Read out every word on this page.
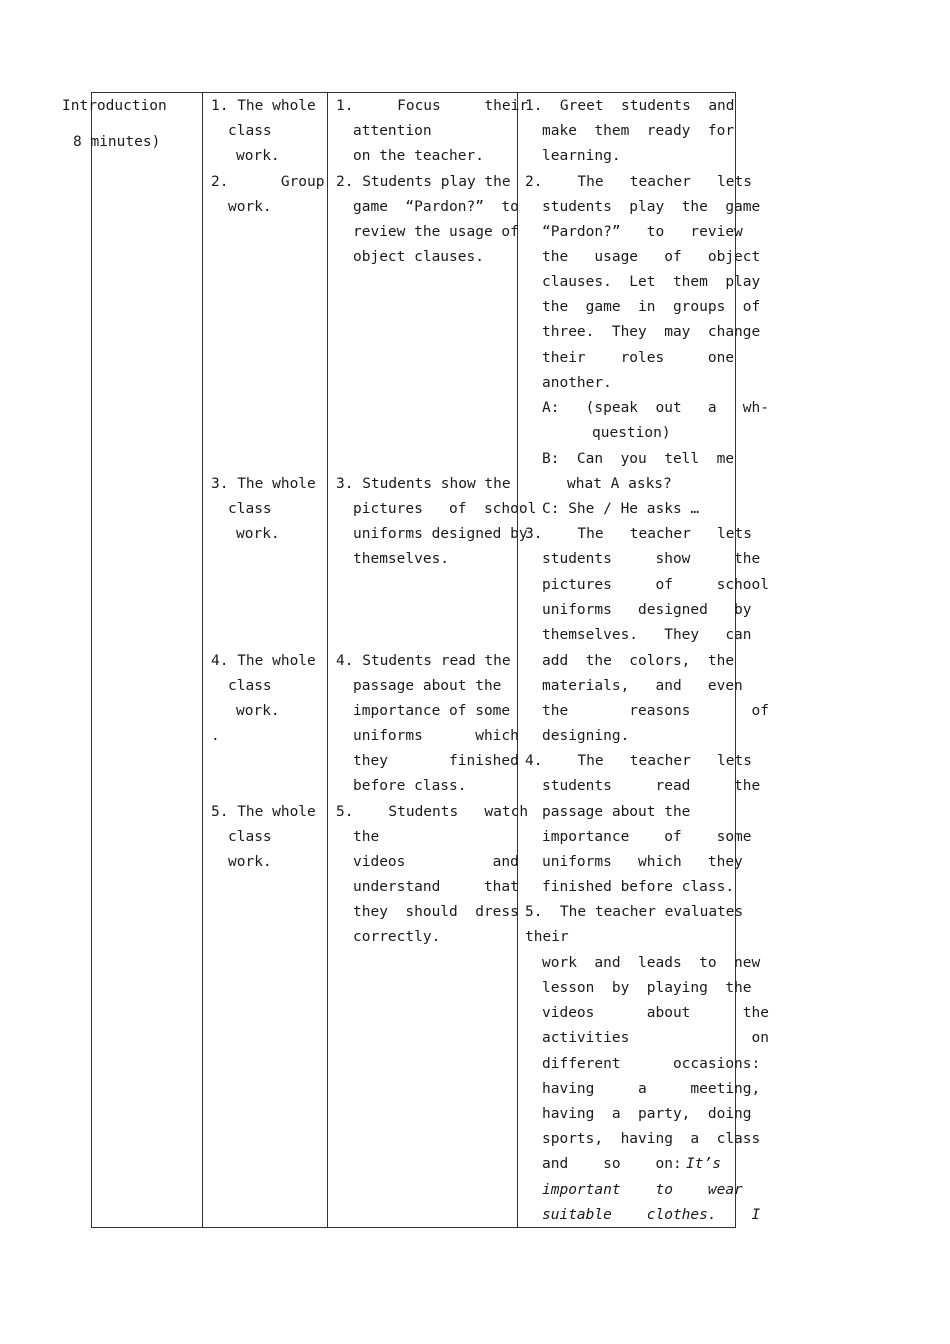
Introduction
8 minutes)
1. The whole
class
work.
2.      Group
work.
3. The whole
class
work.
4. The whole
class
work.
.
5. The whole
class
work.
1.     Focus     their
attention
on the teacher.
2. Students play the
game  “Pardon?”  to
review the usage of
object clauses.
3. Students show the
pictures   of  school
uniforms designed by
themselves.
4. Students read the
passage about the
importance of some
uniforms      which
they       finished
before class.
5.    Students   watch
the
videos          and
understand     that
they  should  dress
correctly.
1.  Greet  students  and
make  them  ready  for
learning.
2.    The   teacher   lets
students  play  the  game
“Pardon?”   to   review
the   usage   of   object
clauses.  Let  them  play
the  game  in  groups  of
three.  They  may  change
their    roles     one
another.
A:   (speak  out   a   wh-
question)
B:  Can  you  tell  me
what A asks?
C: She / He asks …
3.    The   teacher   lets
students     show     the
pictures     of     school
uniforms   designed   by
themselves.   They   can
add  the  colors,  the
materials,   and   even
the       reasons       of
designing.
4.    The   teacher   lets
students     read     the
passage about the
importance    of    some
uniforms   which   they
finished before class.
5.  The teacher evaluates
their
work  and  leads  to  new
lesson  by  playing  the
videos      about      the
activities              on
different      occasions:
having     a     meeting,
having  a  party,  doing
sports,  having  a  class
and    so    on: It’s
important    to    wear
suitable    clothes.    I
